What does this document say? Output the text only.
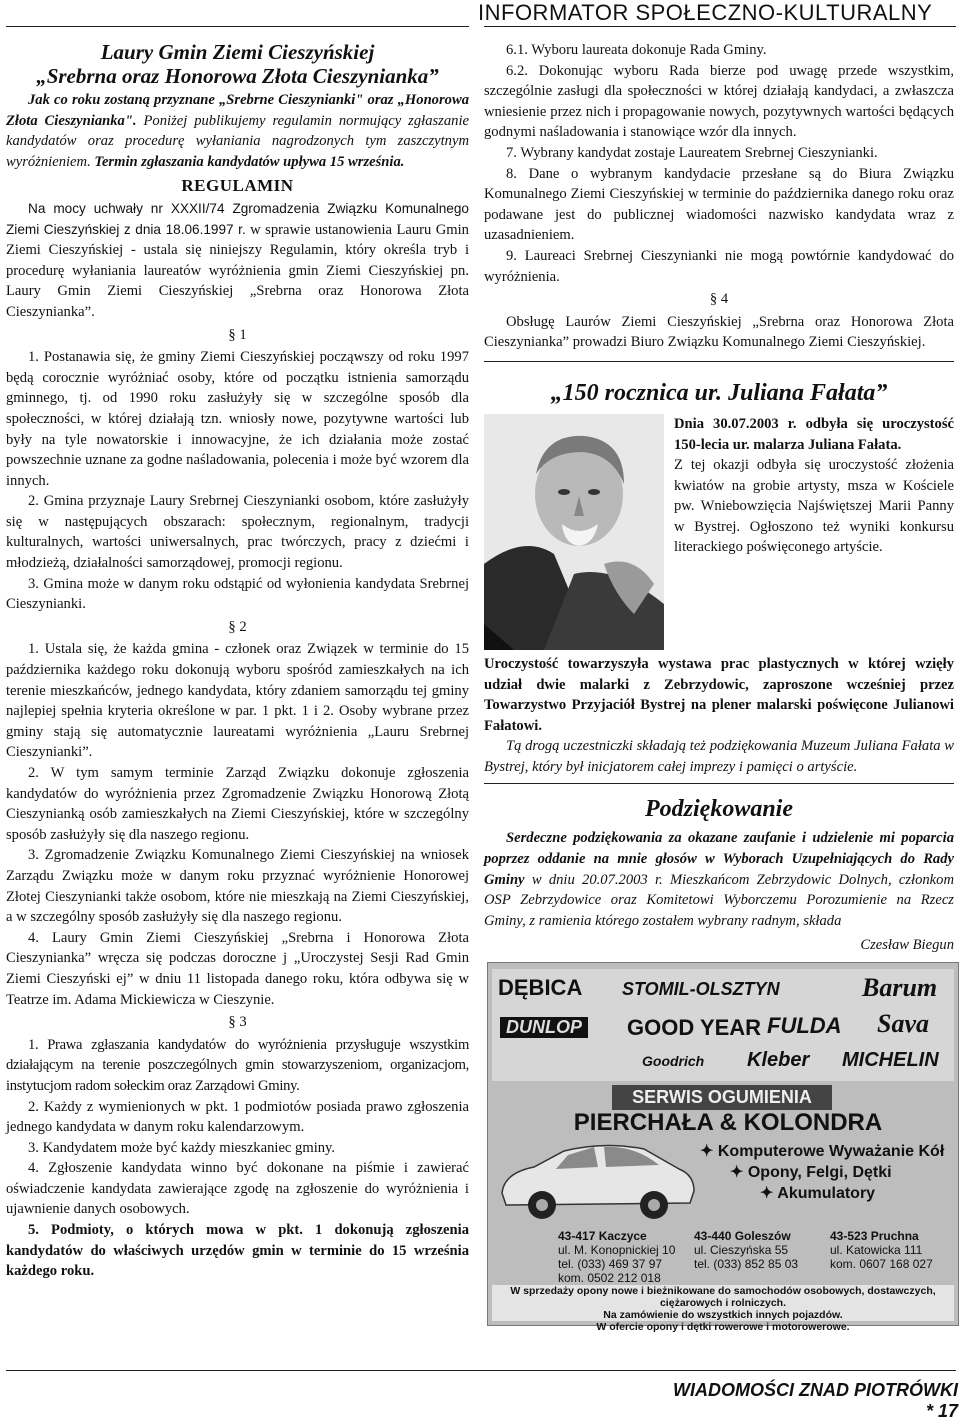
INFORMATOR SPOŁECZNO-KULTURALNY
Laury Gmin Ziemi Cieszyńskiej
„Srebrna oraz Honorowa Złota Cieszynianka”

Jak co roku zostaną przyznane „Srebrne Cieszynianki" oraz „Honorowa Złota Cieszynianka". Poniżej publikujemy regulamin normujący zgłaszanie kandydatów oraz procedurę wyłaniania nagrodzonych tym zaszczytnym wyróżnieniem. Termin zgłaszania kandydatów upływa 15 września.

REGULAMIN

Na mocy uchwały nr XXXII/74 Zgromadzenia Związku Komunalnego Ziemi Cieszyńskiej z dnia 18.06.1997 r. w sprawie ustanowienia Lauru Gmin Ziemi Cieszyńskiej - ustala się niniejszy Regulamin, który określa tryb i procedurę wyłaniania laureatów wyróżnienia gmin Ziemi Cieszyńskiej pn. Laury Gmin Ziemi Cieszyńskiej „Srebrna oraz Honorowa Złota Cieszynianka”.

§ 1

1. Postanawia się, że gminy Ziemi Cieszyńskiej począwszy od roku 1997 będą corocznie wyróżniać osoby, które od początku istnienia samorządu gminnego, tj. od 1990 roku zasłużyły się w szczególne sposób dla społeczności, w której działają tzn. wniosły nowe, pozytywne wartości lub były na tyle nowatorskie i innowacyjne, że ich działania może zostać powszechnie uznane za godne naśladowania, polecenia i może być wzorem dla innych.

2. Gmina przyznaje Laury Srebrnej Cieszynianki osobom, które zasłużyły się w następujących obszarach: społecznym, regionalnym, tradycji kulturalnych, wartości uniwersalnych, prac twórczych, pracy z dziećmi i młodzieżą, działalności samorządowej, promocji regionu.

3. Gmina może w danym roku odstąpić od wyłonienia kandydata Srebrnej Cieszynianki.

§ 2

1. Ustala się, że każda gmina - członek oraz Związek w terminie do 15 października każdego roku dokonują wyboru spośród zamieszkałych na ich terenie mieszkańców, jednego kandydata, który zdaniem samorządu tej gminy najlepiej spełnia kryteria określone w par. 1 pkt. 1 i 2. Osoby wybrane przez gminy stają się automatycznie laureatami wyróżnienia „Lauru Srebrnej Cieszynianki”.

2. W tym samym terminie Zarząd Związku dokonuje zgłoszenia kandydatów do wyróżnienia przez Zgromadzenie Związku Honorową Złotą Cieszynianką osób zamieszkałych na Ziemi Cieszyńskiej, które w szczególny sposób zasłużyły się dla naszego regionu.

3. Zgromadzenie Związku Komunalnego Ziemi Cieszyńskiej na wniosek Zarządu Związku może w danym roku przyznać wyróżnienie Honorowej Złotej Cieszynianki także osobom, które nie mieszkają na Ziemi Cieszyńskiej, a w szczególny sposób zasłużyły się dla naszego regionu.

4. Laury Gmin Ziemi Cieszyńskiej „Srebrna i Honorowa Złota Cieszynianka” wręcza się podczas doroczne j „Uroczystej Sesji Rad Gmin Ziemi Cieszyński ej” w dniu 11 listopada danego roku, która odbywa się w Teatrze im. Adama Mickiewicza w Cieszynie.

§ 3

1. Prawa zgłaszania kandydatów do wyróżnienia przysługuje wszystkim działającym na terenie poszczególnych gmin stowarzyszeniom, organizacjom, instytucjom radom sołeckim oraz Zarządowi Gminy.

2. Każdy z wymienionych w pkt. 1 podmiotów posiada prawo zgłoszenia jednego kandydata w danym roku kalendarzowym.

3. Kandydatem może być każdy mieszkaniec gminy.

4. Zgłoszenie kandydata winno być dokonane na piśmie i zawierać oświadczenie kandydata zawierające zgodę na zgłoszenie do wyróżnienia i ujawnienie danych osobowych.

5. Podmioty, o których mowa w pkt. 1 dokonują zgłoszenia kandydatów do właściwych urzędów gmin w terminie do 15 września każdego roku.

6.1. Wyboru laureata dokonuje Rada Gminy.

6.2. Dokonując wyboru Rada bierze pod uwagę przede wszystkim, szczególnie zasługi dla społeczności w której działają kandydaci, a zwłaszcza wniesienie przez nich i propagowanie nowych, pozytywnych wartości będących godnymi naśladowania i stanowiące wzór dla innych.

7. Wybrany kandydat zostaje Laureatem Srebrnej Cieszynianki.

8. Dane o wybranym kandydacie przesłane są do Biura Związku Komunalnego Ziemi Cieszyńskiej w terminie do października danego roku oraz podawane jest do publicznej wiadomości nazwisko kandydata wraz z uzasadnieniem.

9. Laureaci Srebrnej Cieszynianki nie mogą powtórnie kandydować do wyróżnienia.

§ 4

Obsługę Laurów Ziemi Cieszyńskiej „Srebrna oraz Honorowa Złota Cieszynianka” prowadzi Biuro Związku Komunalnego Ziemi Cieszyńskiej.

„150 rocznica ur. Juliana Fałata”

Dnia 30.07.2003 r. odbyła się uroczystość 150-lecia ur. malarza Juliana Fałata.

Z tej okazji odbyła się uroczystość złożenia kwiatów na grobie artysty, msza w Kościele pw. Wniebowzięcia Najświętszej Marii Panny w Bystrej. Ogłoszono też wyniki konkursu literackiego poświęconego artyście.

Uroczystość towarzyszyła wystawa prac plastycznych w której wzięły udział dwie malarki z Zebrzydowic, zaproszone wcześniej przez Towarzystwo Przyjaciół Bystrej na plener malarski poświęcone Julianowi Fałatowi.

Tą drogą uczestniczki składają też podziękowania Muzeum Juliana Fałata w Bystrej, który był inicjatorem całej imprezy i pamięci o artyście.

Podziękowanie

Serdeczne podziękowania za okazane zaufanie i udzielenie mi poparcia poprzez oddanie na mnie głosów w Wyborach Uzupełniających do Rady Gminy w dniu 20.07.2003 r. Mieszkańcom Zebrzydowic Dolnych, członkom OSP Zebrzydowice oraz Komitetowi Wyborczemu Porozumienie na Rzecz Gminy, z ramienia którego zostałem wybrany radnym, składa

Czesław Biegun
DĘBICA STOMIL-OLSZTYN	Barum
DUNLOP GOOD YEAR FULDA Sava
Goodrich Kleber MICHELIN
SERWIS OGUMIENIA
PIERCHAŁA & KOLONDRA
✦ Komputerowe Wyważanie Kół
✦ Opony, Felgi, Dętki
✦ Akumulatory
43-417 Kaczyce
ul. M. Konopnickiej 10
tel. (033) 469 37 97
kom. 0502 212 018
43-440 Goleszów
ul. Cieszyńska 55
tel. (033) 852 85 03
43-523 Pruchna
ul. Katowicka 111
kom. 0607 168 027
W sprzedaży opony nowe i bieżnikowane do samochodów osobowych, dostawczych, ciężarowych i rolniczych.
Na zamówienie do wszystkich innych pojazdów.
W ofercie opony i dętki rowerowe i motorowerowe.
WIADOMOŚCI ZNAD PIOTRÓWKI * 17
